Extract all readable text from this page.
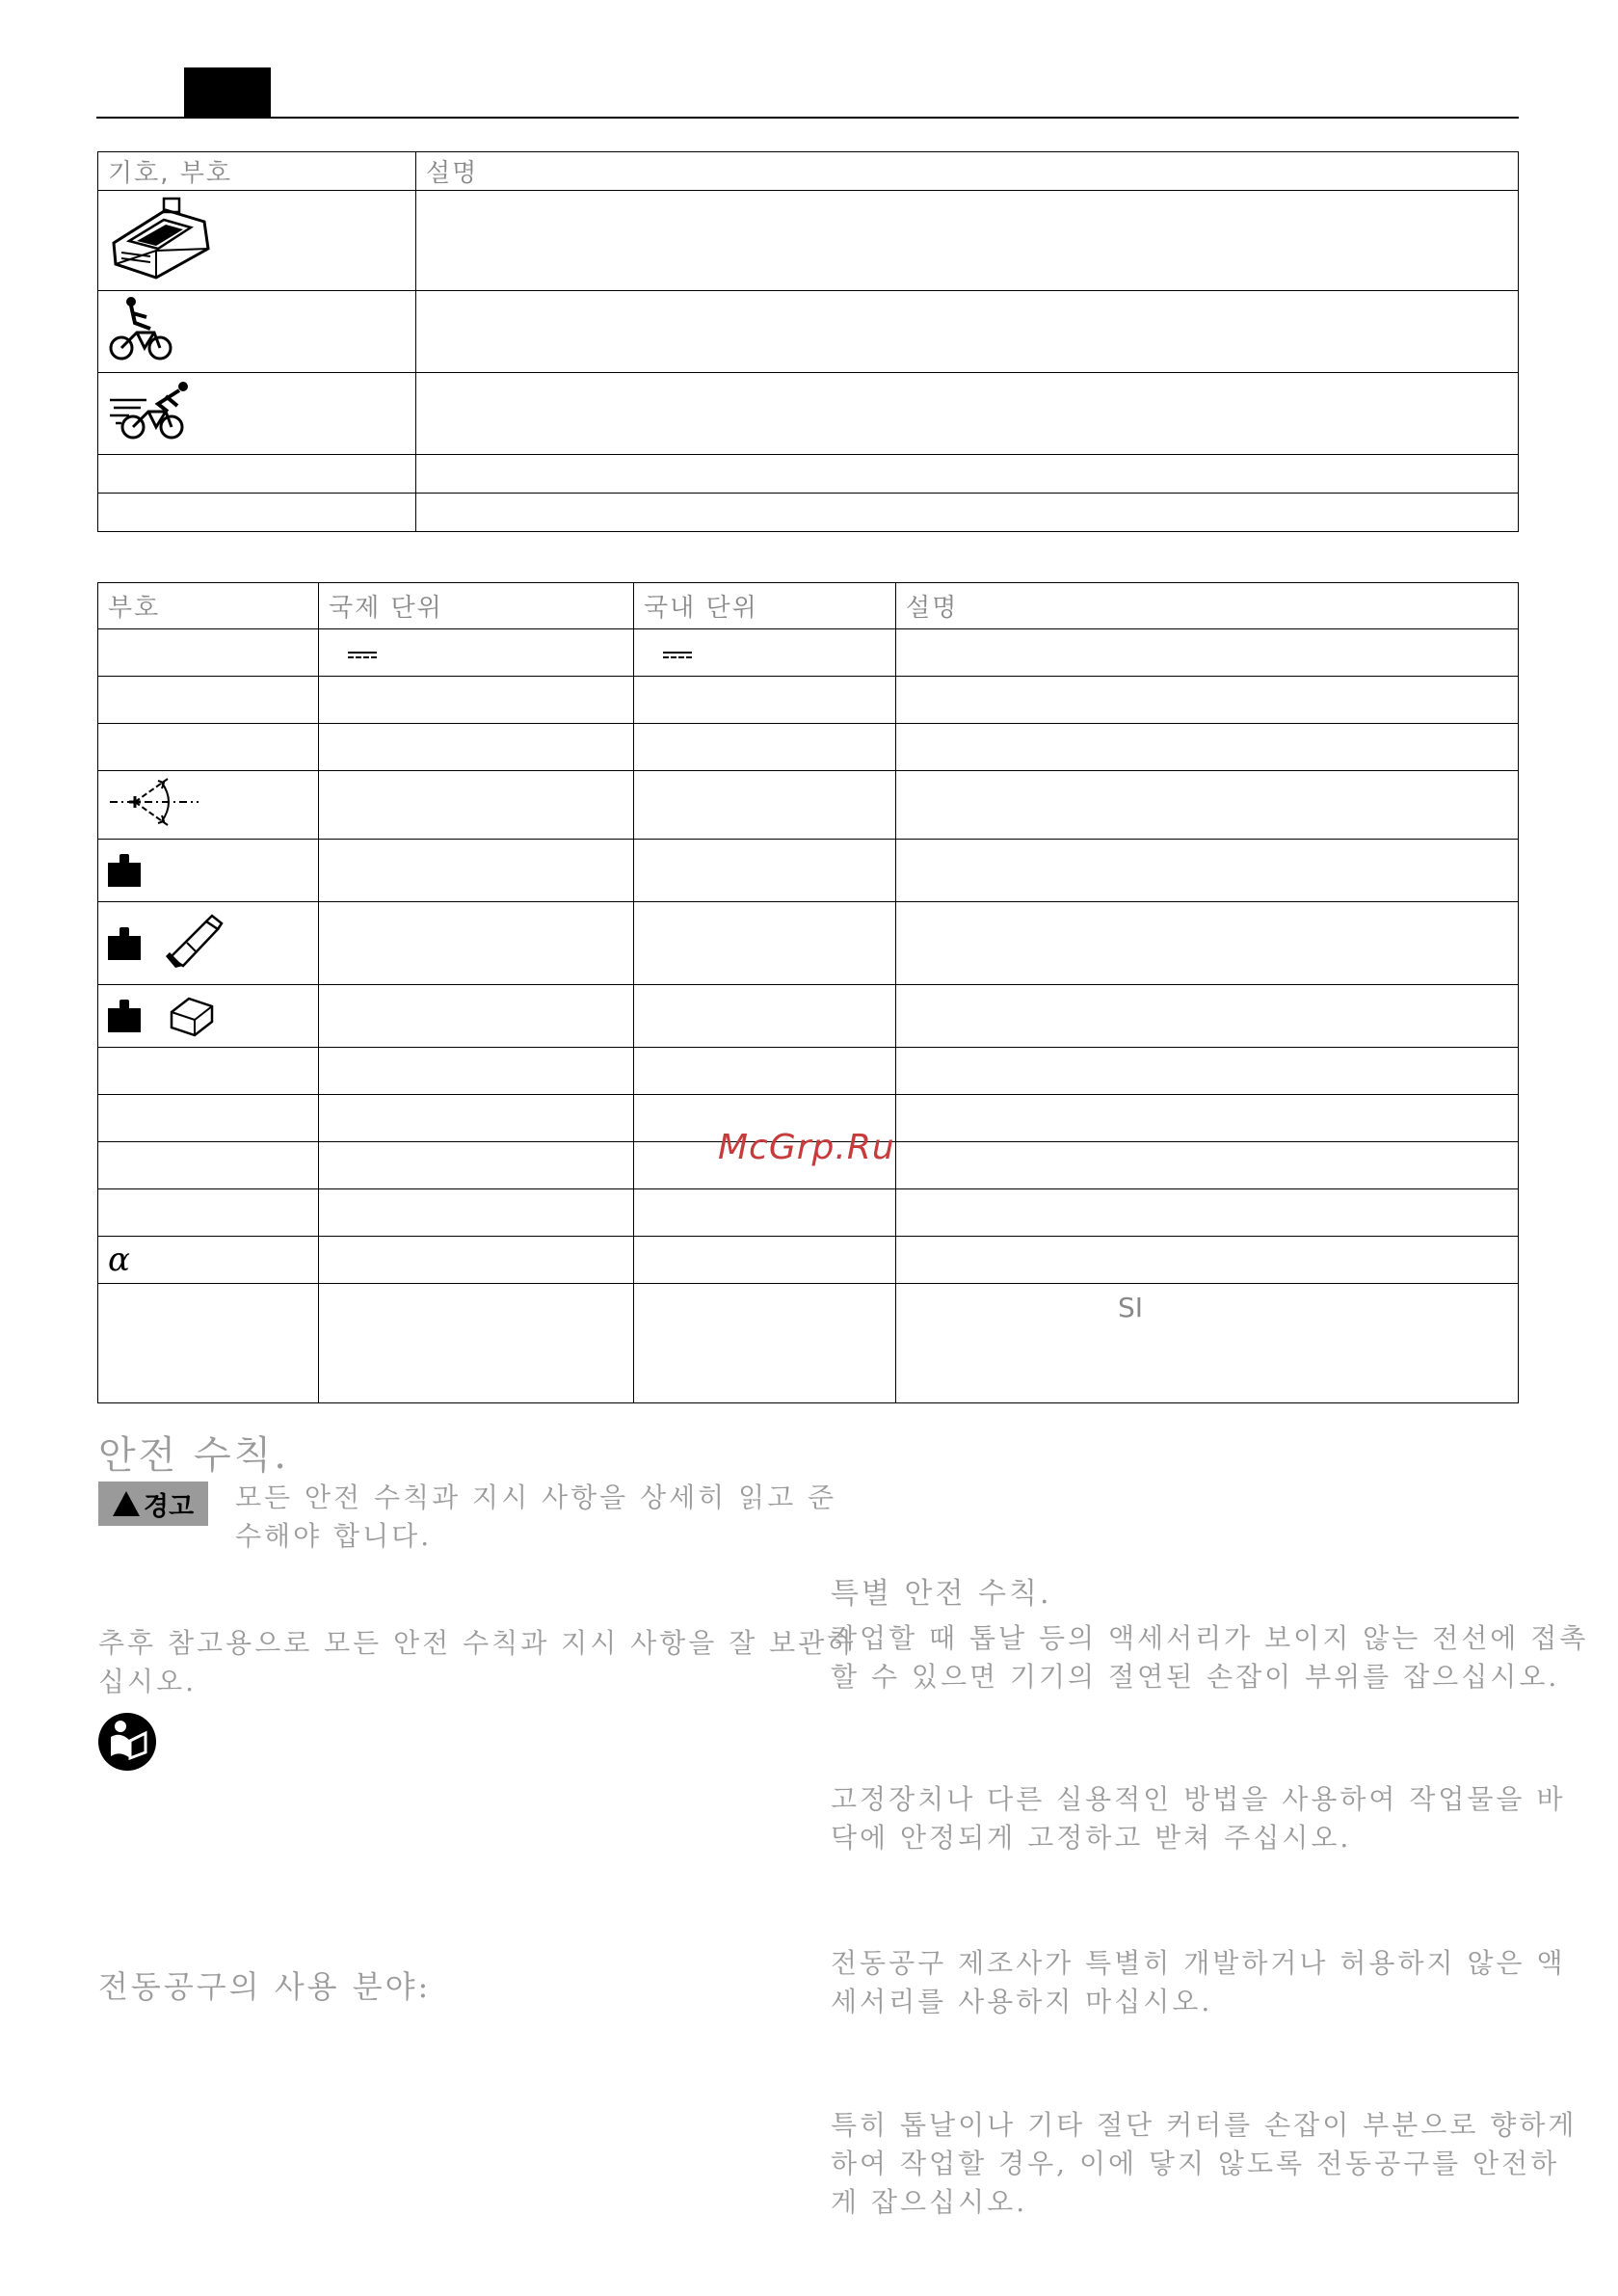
기호, 부호	설명

부호	국제 단위	국내 단위	설명

α			
			SI
McGrp.Ru
안전 수칙.
경고 모든 안전 수칙과 지시 사항을 상세히 읽고 준
수해야 합니다.
추후 참고용으로 모든 안전 수칙과 지시 사항을 잘 보관하
십시오.
전동공구의 사용 분야:
특별 안전 수칙.
작업할 때 톱날 등의 액세서리가 보이지 않는 전선에 접촉
할 수 있으면 기기의 절연된 손잡이 부위를 잡으십시오.
고정장치나 다른 실용적인 방법을 사용하여 작업물을 바
닥에 안정되게 고정하고 받쳐 주십시오.
전동공구 제조사가 특별히 개발하거나 허용하지 않은 액
세서리를 사용하지 마십시오.
특히 톱날이나 기타 절단 커터를 손잡이 부분으로 향하게
하여 작업할 경우, 이에 닿지 않도록 전동공구를 안전하
게 잡으십시오.
